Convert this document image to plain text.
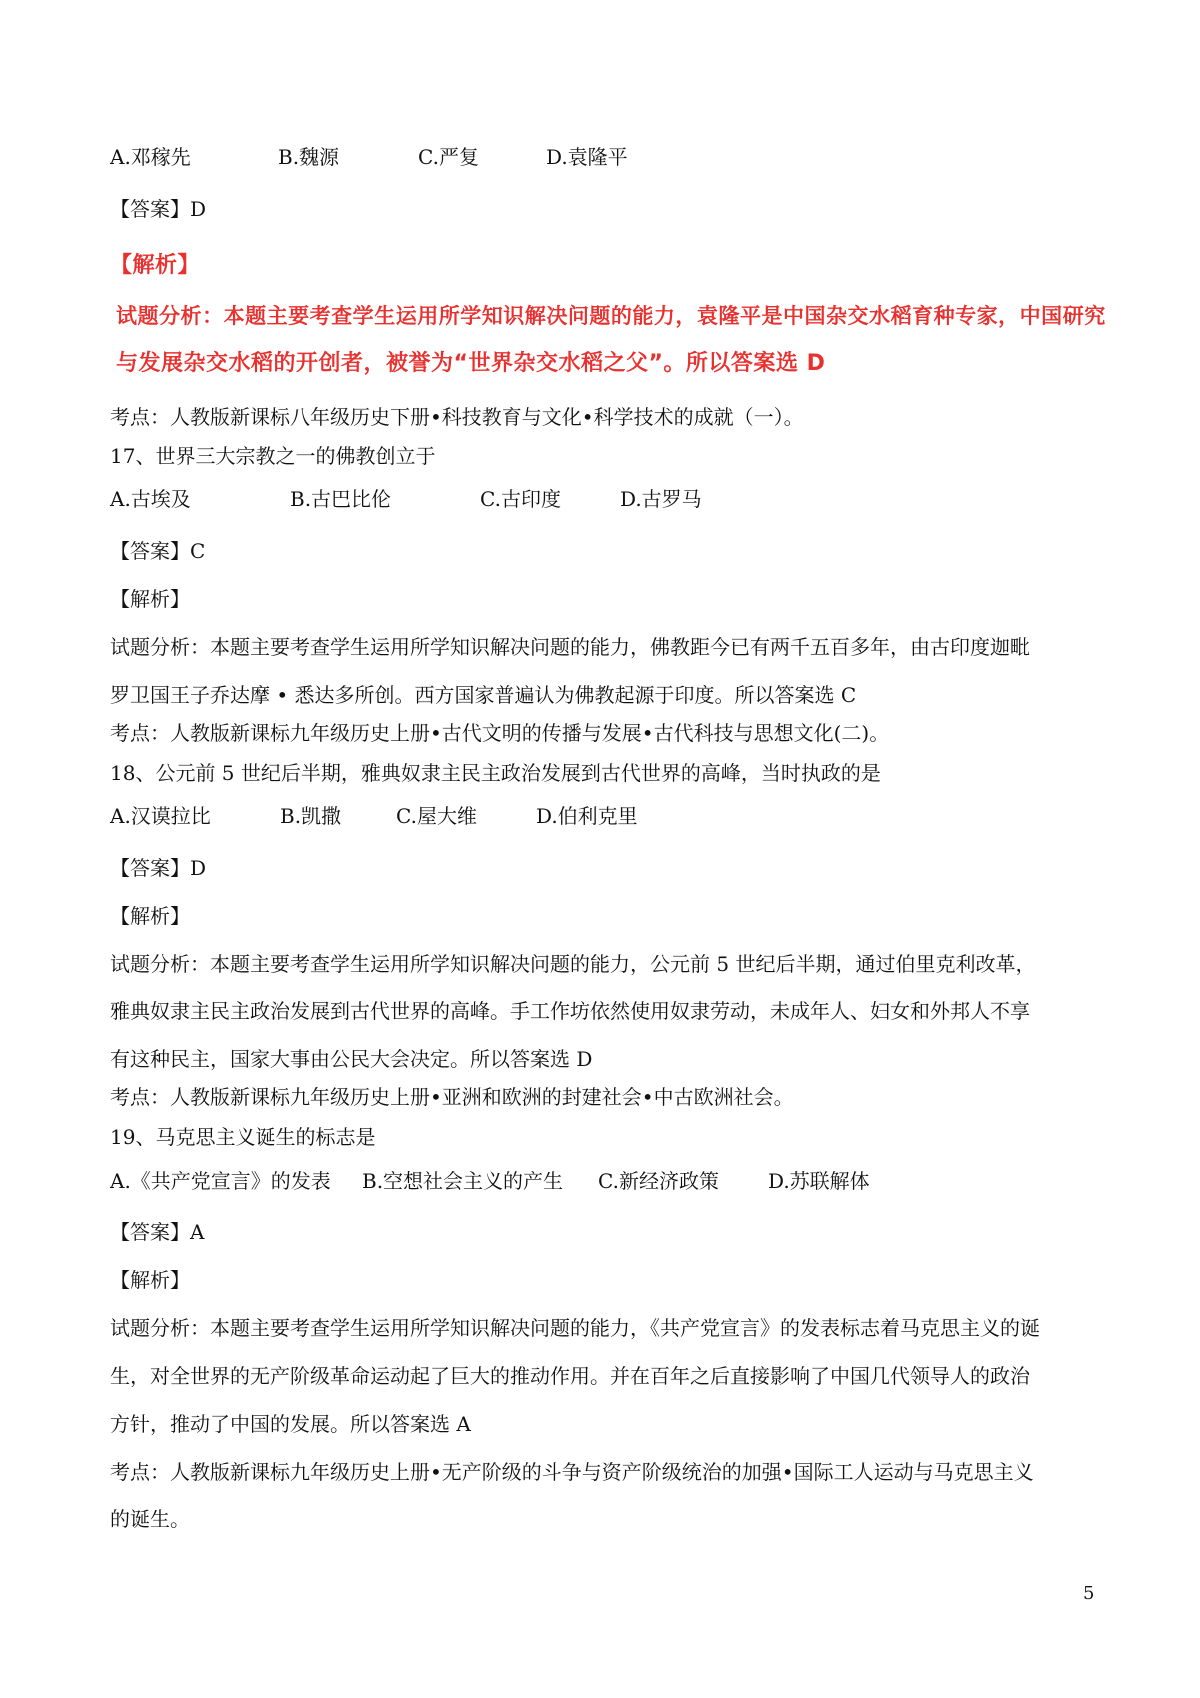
A.邓稼先	B.魏源	C.严复	D.袁隆平
【答案】D
【解析】
试题分析：本题主要考查学生运用所学知识解决问题的能力，袁隆平是中国杂交水稻育种专家，中国研究
与发展杂交水稻的开创者，被誉为“世界杂交水稻之父”。所以答案选 D
考点：人教版新课标八年级历史下册•科技教育与文化•科学技术的成就（一）。
17、世界三大宗教之一的佛教创立于
A.古埃及	B.古巴比伦	C.古印度	D.古罗马
【答案】C
【解析】
试题分析：本题主要考查学生运用所学知识解决问题的能力，佛教距今已有两千五百多年，由古印度迦毗
罗卫国王子乔达摩 • 悉达多所创。西方国家普遍认为佛教起源于印度。所以答案选 C
考点：人教版新课标九年级历史上册•古代文明的传播与发展•古代科技与思想文化(二)。
18、公元前 5 世纪后半期，雅典奴隶主民主政治发展到古代世界的高峰，当时执政的是
A.汉谟拉比	B.凯撒	C.屋大维	D.伯利克里
【答案】D
【解析】
试题分析：本题主要考查学生运用所学知识解决问题的能力，公元前 5 世纪后半期，通过伯里克利改革，
雅典奴隶主民主政治发展到古代世界的高峰。手工作坊依然使用奴隶劳动，未成年人、妇女和外邦人不享
有这种民主，国家大事由公民大会决定。所以答案选 D
考点：人教版新课标九年级历史上册•亚洲和欧洲的封建社会•中古欧洲社会。
19、马克思主义诞生的标志是
A.《共产党宣言》的发表 B.空想社会主义的产生 C.新经济政策 D.苏联解体
【答案】A
【解析】
试题分析：本题主要考查学生运用所学知识解决问题的能力，《共产党宣言》的发表标志着马克思主义的诞
生，对全世界的无产阶级革命运动起了巨大的推动作用。并在百年之后直接影响了中国几代领导人的政治
方针，推动了中国的发展。所以答案选 A
考点：人教版新课标九年级历史上册•无产阶级的斗争与资产阶级统治的加强•国际工人运动与马克思主义
的诞生。
5
